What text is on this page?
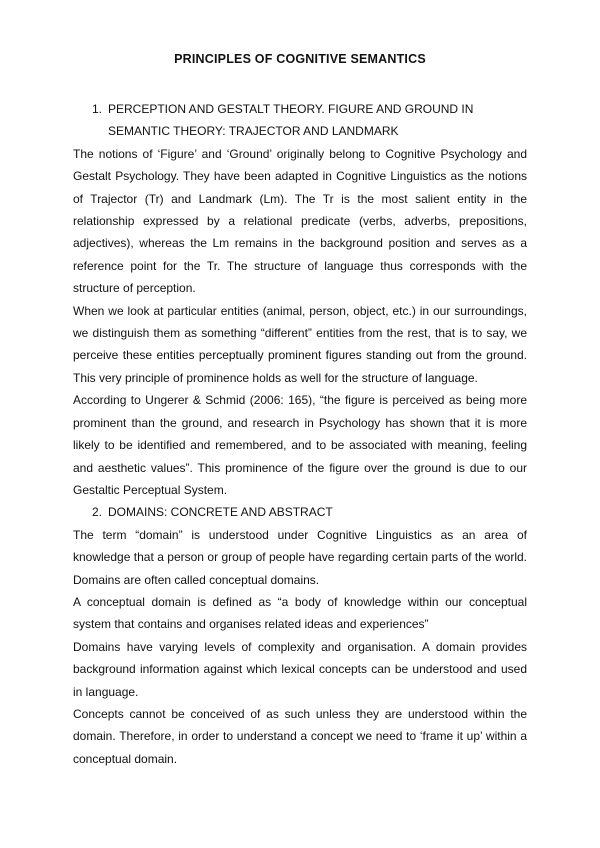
PRINCIPLES OF COGNITIVE SEMANTICS
1. PERCEPTION AND GESTALT THEORY. FIGURE AND GROUND IN
SEMANTIC THEORY: TRAJECTOR AND LANDMARK

The notions of ‘Figure’ and ‘Ground’ originally belong to Cognitive Psychology and Gestalt Psychology. They have been adapted in Cognitive Linguistics as the notions of Trajector (Tr) and Landmark (Lm). The Tr is the most salient entity in the relationship expressed by a relational predicate (verbs, adverbs, prepositions, adjectives), whereas the Lm remains in the background position and serves as a reference point for the Tr. The structure of language thus corresponds with the structure of perception.

When we look at particular entities (animal, person, object, etc.) in our surroundings, we distinguish them as something “different” entities from the rest, that is to say, we perceive these entities perceptually prominent figures standing out from the ground. This very principle of prominence holds as well for the structure of language.

According to Ungerer & Schmid (2006: 165), “the figure is perceived as being more prominent than the ground, and research in Psychology has shown that it is more likely to be identified and remembered, and to be associated with meaning, feeling and aesthetic values”. This prominence of the figure over the ground is due to our Gestaltic Perceptual System.

2. DOMAINS: CONCRETE AND ABSTRACT

The term “domain” is understood under Cognitive Linguistics as an area of knowledge that a person or group of people have regarding certain parts of the world. Domains are often called conceptual domains.

A conceptual domain is defined as “a body of knowledge within our conceptual system that contains and organises related ideas and experiences”

Domains have varying levels of complexity and organisation. A domain provides background information against which lexical concepts can be understood and used in language.

Concepts cannot be conceived of as such unless they are understood within the domain. Therefore, in order to understand a concept we need to ‘frame it up’ within a conceptual domain.
